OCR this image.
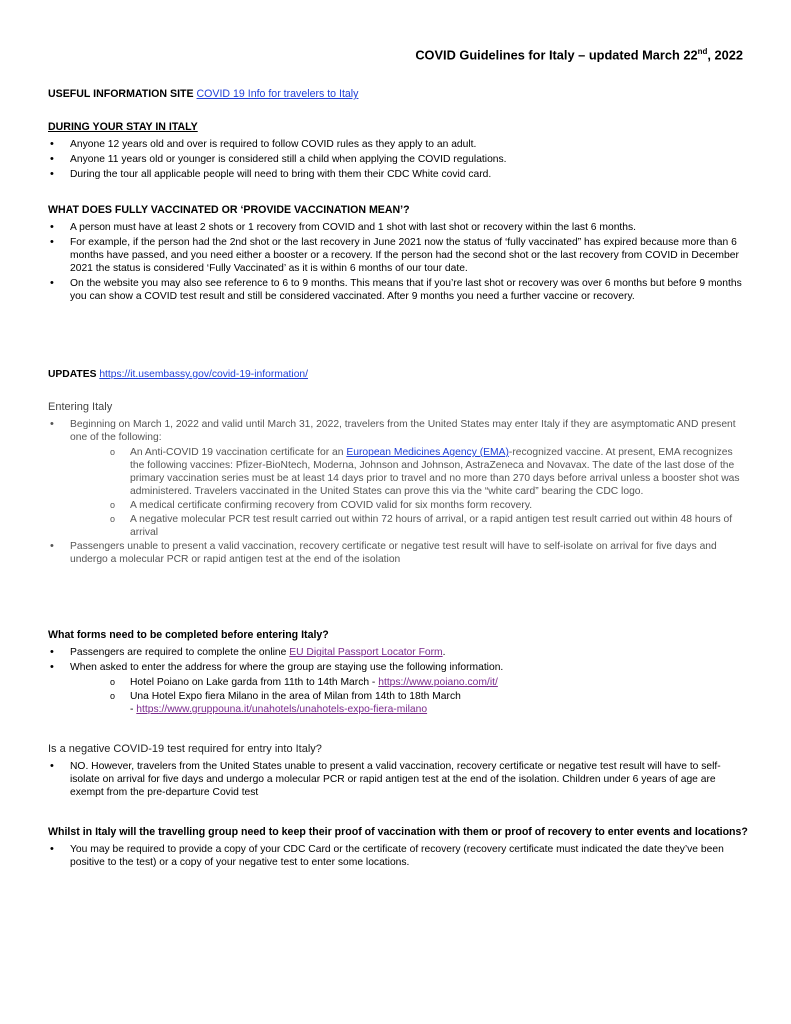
COVID Guidelines for Italy – updated March 22nd, 2022
USEFUL INFORMATION SITE COVID 19 Info for travelers to Italy
DURING YOUR STAY IN ITALY
• Anyone 12 years old and over is required to follow COVID rules as they apply to an adult.
• Anyone 11 years old or younger is considered still a child when applying the COVID regulations.
• During the tour all applicable people will need to bring with them their CDC White covid card.
WHAT DOES FULLY VACCINATED OR ‘PROVIDE VACCINATION MEAN’?
• A person must have at least 2 shots or 1 recovery from COVID and 1 shot with last shot or recovery within the last 6 months.
• For example, if the person had the 2nd shot or the last recovery in June 2021 now the status of ‘fully vaccinated” has expired because more than 6 months have passed, and you need either a booster or a recovery. If the person had the second shot or the last recovery from COVID in December 2021 the status is considered ‘Fully Vaccinated’ as it is within 6 months of our tour date.
• On the website you may also see reference to 6 to 9 months. This means that if you’re last shot or recovery was over 6 months but before 9 months you can show a COVID test result and still be considered vaccinated. After 9 months you need a further vaccine or recovery.
UPDATES https://it.usembassy.gov/covid-19-information/
Entering Italy
• Beginning on March 1, 2022 and valid until March 31, 2022, travelers from the United States may enter Italy if they are asymptomatic AND present one of the following:
o An Anti-COVID 19 vaccination certificate for an European Medicines Agency (EMA)-recognized vaccine. At present, EMA recognizes the following vaccines: Pfizer-BioNtech, Moderna, Johnson and Johnson, AstraZeneca and Novavax. The date of the last dose of the primary vaccination series must be at least 14 days prior to travel and no more than 270 days before arrival unless a booster shot was administered. Travelers vaccinated in the United States can prove this via the “white card” bearing the CDC logo.
o A medical certificate confirming recovery from COVID valid for six months form recovery.
o A negative molecular PCR test result carried out within 72 hours of arrival, or a rapid antigen test result carried out within 48 hours of arrival
• Passengers unable to present a valid vaccination, recovery certificate or negative test result will have to self-isolate on arrival for five days and undergo a molecular PCR or rapid antigen test at the end of the isolation
What forms need to be completed before entering Italy?
• Passengers are required to complete the online EU Digital Passport Locator Form.
• When asked to enter the address for where the group are staying use the following information.
o Hotel Poiano on Lake garda from 11th to 14th March - https://www.poiano.com/it/
o Una Hotel Expo fiera Milano in the area of Milan from 14th to 18th March
- https://www.gruppouna.it/unahotels/unahotels-expo-fiera-milano
Is a negative COVID-19 test required for entry into Italy?
• NO. However, travelers from the United States unable to present a valid vaccination, recovery certificate or negative test result will have to self-isolate on arrival for five days and undergo a molecular PCR or rapid antigen test at the end of the isolation. Children under 6 years of age are exempt from the pre-departure Covid test
Whilst in Italy will the travelling group need to keep their proof of vaccination with them or proof of recovery to enter events and locations?
• You may be required to provide a copy of your CDC Card or the certificate of recovery (recovery certificate must indicated the date they’ve been positive to the test) or a copy of your negative test to enter some locations.
